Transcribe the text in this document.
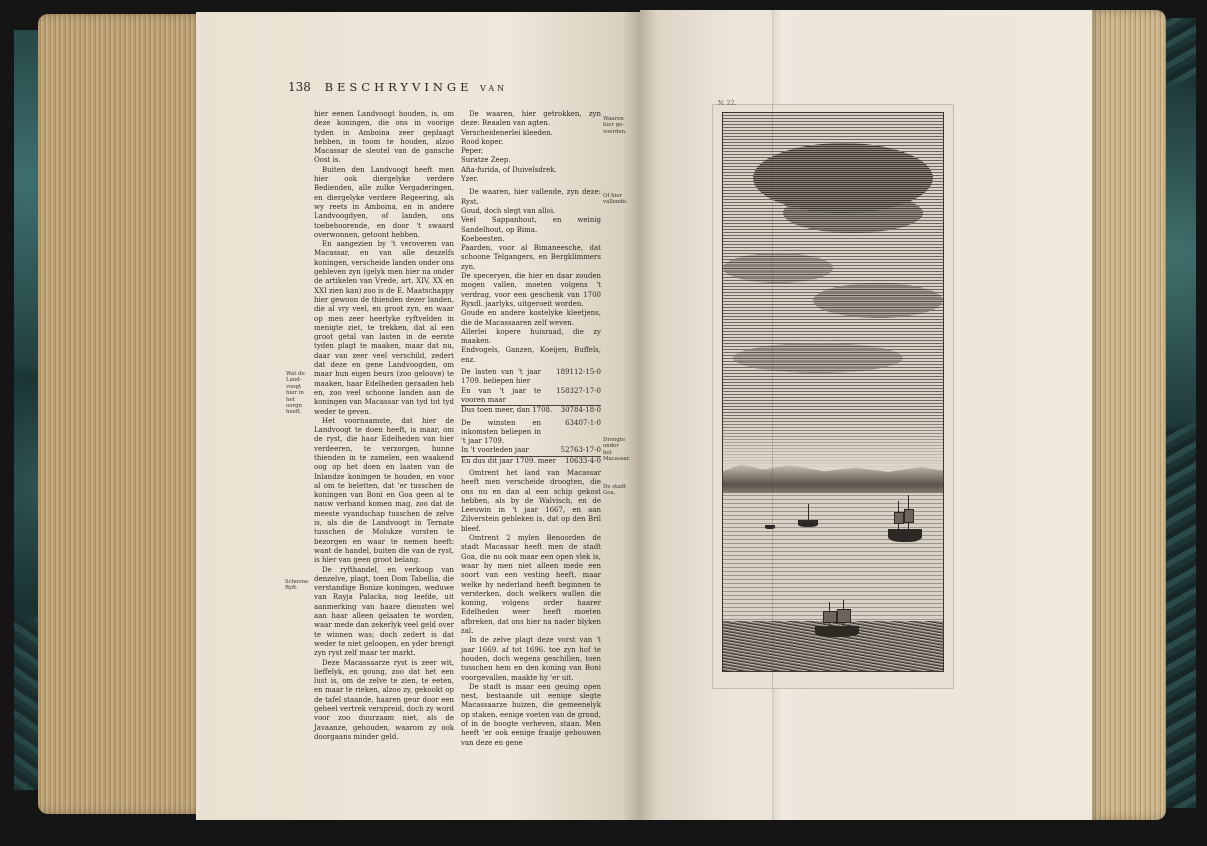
138 BESCHRYVINGE VAN
Wat de Land-voogt hier in het oorgn heeft.
Schoone Ryft.

hier eenen Landvoogt houden, is, om deze koningen, die ons in voorige tyden in Amboina zeer geplaagt hebben, in toom te houden, alzoo Macassar de sleutel van de gansche Oost is.

Buiten den Landvoogt heeft men hier ook diergelyke verdere Bedienden, alle zulke Vergaderingen, en diergelyke verdere Regeering, als wy reets in Amboina, en in andere Landvoogdyen, of landen, ons toebehoorende, en door 't swaard overwonnen, getoont hebben.

En aangezien by 't veroveren van Macassar, en van alle deszelfs koningen, verscheide landen onder ons gebleven zyn (gelyk men hier na onder de artikelen van Vrede, art. XIV, XX en XXI zien kan) zoo is de E. Maatschappy hier gewoon de thienden dezer landen, die al vry veel, en groot zyn, en waar op men zeer heerlyke ryftvelden in menigte ziet, te trekken, dat al een groot getal van lasten in de eerste tyden plagt te maaken, maar dat nu, daar van zeer veel verschild, zedert dat deze en gene Landvoogden, om maar hun eigen beurs (zoo geloove) te maaken, haar Edelheden geraaden heb en, zoo veel schoone landen aan de koningen van Macassar van tyd tot tyd weder te geven.

Het voornaamste, dat hier de Landvoogt te doen heeft, is maar, om de ryst, die haar Edelheden van hier verdeeren, te verzorgen, hunne thienden in te zamelen, een waakend oog op het doen en laaten van de Inlandze koningen te houden, en voor al om te beletten, dat 'er tusschen de koningen van Boni en Goa geen al te nauw verband komen mag, zoo dat de meeste vyandschap tusschen de zelve is, als die de Landvoogt in Ternate tusschen de Molukze vorsten te bezorgen en waar te nemen heeft: want de handel, buiten die van de ryst, is hier van geen groot belang.

De ryfthandel, en verkoop van denzelve, plagt, toen Dom Tabellia, die verstandige Bonize koningen, weduwe van Rayja Palacka, nog leefde, uit aanmerking van haare diensten wel aan haar alleen gelaaten te worden, waar mede dan zekerlyk veel geld over te winnen was; doch zedert is dat weder te niet geloopen, en yder brengt zyn ryst zelf maar ter markt.

Deze Macassaarze ryst is zeer wit, lieffelyk, en goung, zoo dat het een lust is, om de zelve te zien, te eeten, en maar te rieken, alzoo zy, gekookt op de tafel staande, haaren geur door een geheel vertrek verspreid, doch zy word voor zoo duurzaam niet, als de Javaanze, gehouden, waarom zy ook doorgaans minder geld.

De waaren, hier getrokken, zyn deze: Reaalen van agten.

Verscheidenerlei kleeden.

Rood koper.

Peper.

Suratze Zeep.

Afia-furida, of Duivelsdrek.

Yzer.

De waaren, hier vallende, zyn deze: Ryst.

Goud, doch slegt van alloi.

Veel Sappanhout, en weinig Sandelhout, op Bima.

Koebeesten.

Paarden, voor al Bimaneesche, dat schoone Telgangers, en Bergklimmers zyn.

De speceryen, die hier en daar zouden mogen vallen, moeten volgens 't verdrag, voor een geschenk van 1700 Ryxdl. jaarlyks, uitgeroeit worden.

Goude en andere kostelyke kleetjens, die de Macassaaren zelf weven.

Allerlei kopere huisraad, die zy maaken.

Endvogels, Ganzen, Koeijen, Buffels, enz.

De lasten van 't jaar 1709. beliepen hier
189112-15-0
En van 't jaar te vooren maar
158327-17-0
Dus toen meer, dan 1708. 30784-18-0
De winsten en inkomsten beliepen in 't jaar 1709.
63407-1-0
In 't voorleden jaar	52763-17-0
En dus dit jaar 1709. meer 10633-4-0

Omtrent het land van Macassar heeft men verscheide droogten, die ons nu en dan al een schip gekost hebben, als by de Walvisch, en de Leeuwin in 't jaar 1667, en aan Zilverstein gebleken is, dat op den Bril bleef.

Omtrent 2 mylen Benoorden de stadt Macassar heeft men de stadt Goa, die nu ook maar een open vlek is, waar by men niet alleen mede een soort van een vesting heeft, maar welke hy nederland heeft beginnen te versterken, doch welkers wallen die koning, volgens order haarer Edelheden weer heeft moeten afbreken, dat ons hier na nader blyken zal.

In de zelve plagt deze vorst van 't jaar 1669. af tot 1696. toe zyn hof te houden, doch wegens geschillen, toen tusschen hem en den koning van Boni voorgevallen, maakte hy 'er uit.

De stadt is maar een geuing open nest, bestaande uit eenige slegte Macassaarze huizen, die gemeenelyk op staken, eenige voeten van de grond, of in de hoogte verheven, staan. Men heeft 'er ook eenige fraaije gebouwen van deze en gene

Waaren hier ge-voerden.
Of hier vallende.
Droogte onder het Macassar.
De stadt Goa.
N. 22.
